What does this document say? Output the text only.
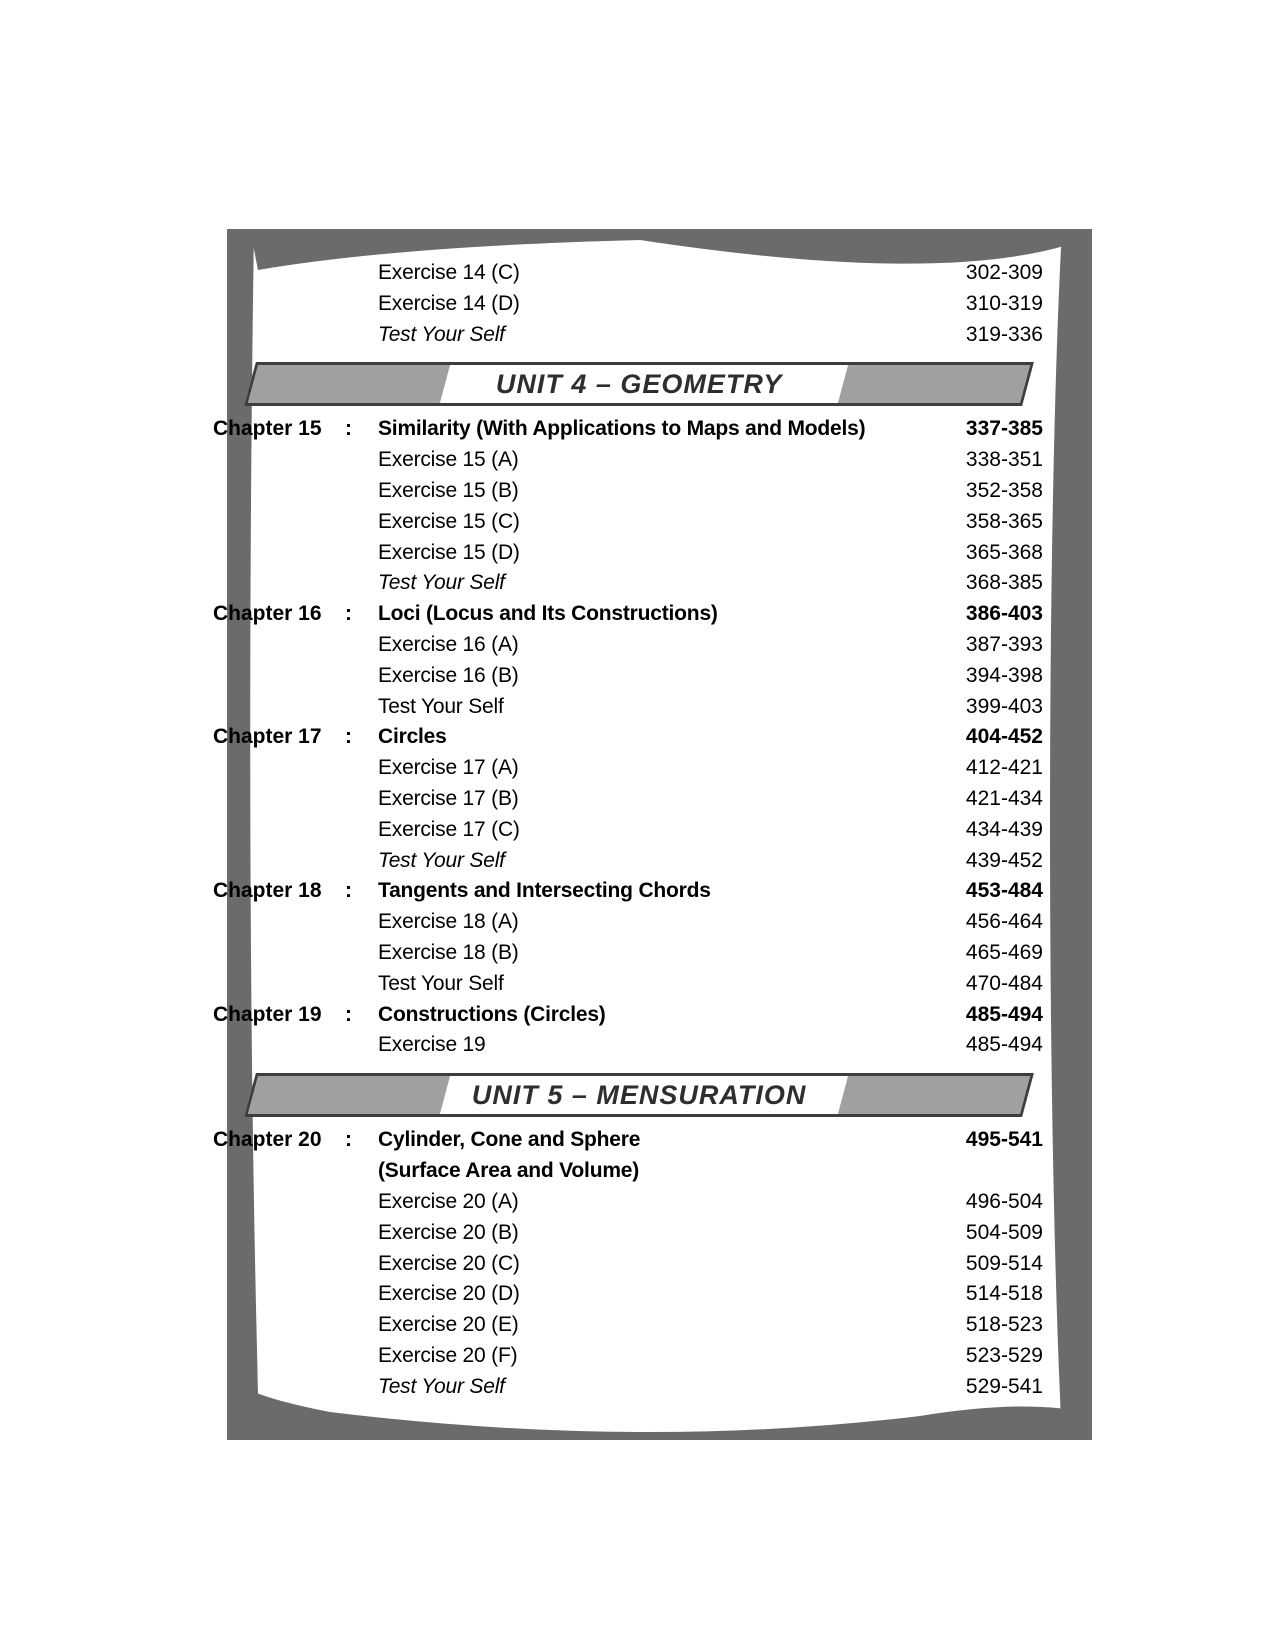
Exercise 14 (C)	302-309
Exercise 14 (D)	310-319
Test Your Self	319-336
UNIT 4 – GEOMETRY
Chapter 15	:	Similarity (With Applications to Maps and Models)	337-385
Exercise 15 (A)	338-351
Exercise 15 (B)	352-358
Exercise 15 (C)	358-365
Exercise 15 (D)	365-368
Test Your Self	368-385
Chapter 16	:	Loci (Locus and Its Constructions)	386-403
Exercise 16 (A)	387-393
Exercise 16 (B)	394-398
Test Your Self	399-403
Chapter 17	:	Circles	404-452
Exercise 17 (A)	412-421
Exercise 17 (B)	421-434
Exercise 17 (C)	434-439
Test Your Self	439-452
Chapter 18	:	Tangents and Intersecting Chords	453-484
Exercise 18 (A)	456-464
Exercise 18 (B)	465-469
Test Your Self	470-484
Chapter 19	:	Constructions (Circles)	485-494
Exercise 19	485-494
UNIT 5 – MENSURATION
Chapter 20	:	Cylinder, Cone and Sphere	495-541
(Surface Area and Volume)
Exercise 20 (A)	496-504
Exercise 20 (B)	504-509
Exercise 20 (C)	509-514
Exercise 20 (D)	514-518
Exercise 20 (E)	518-523
Exercise 20 (F)	523-529
Test Your Self	529-541
